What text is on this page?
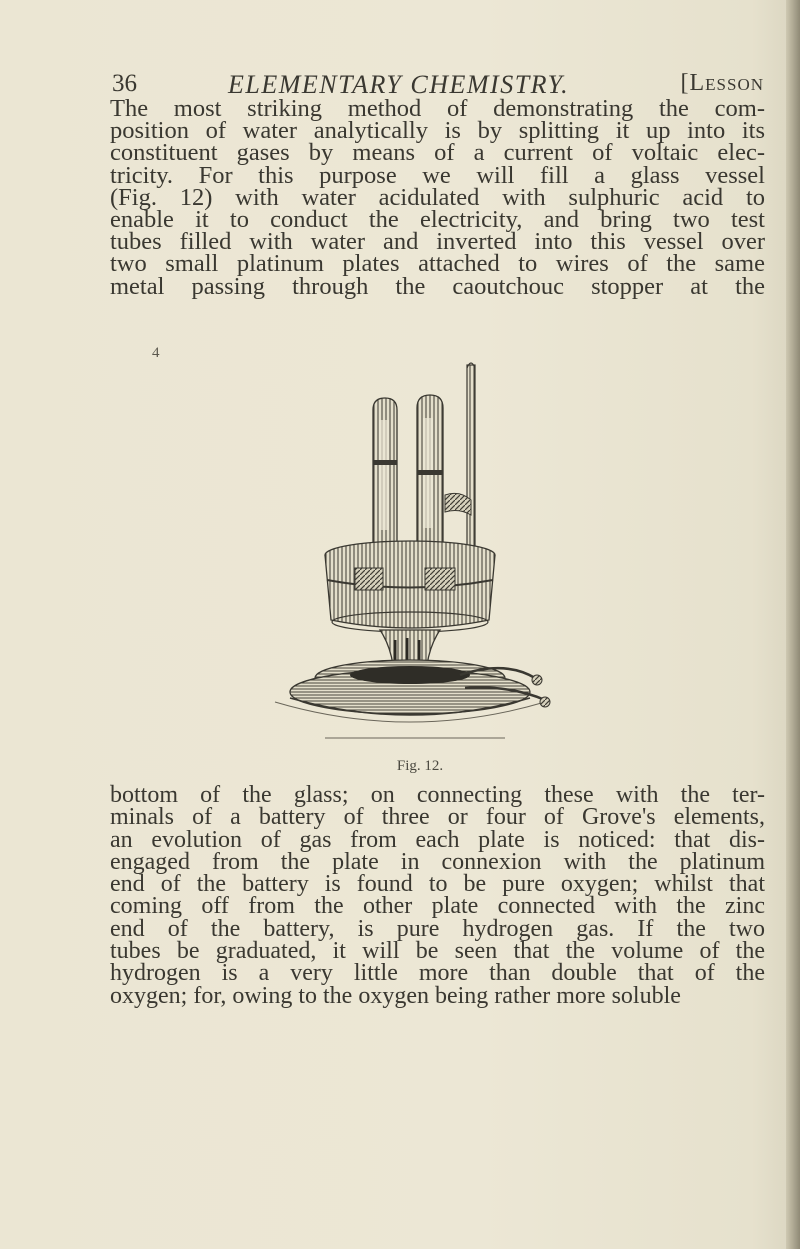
36	ELEMENTARY CHEMISTRY.	[Lesson

The most striking method of demonstrating the com-
position of water analytically is by splitting it up into its
constituent gases by means of a current of voltaic elec-
tricity. For this purpose we will fill a glass vessel
(Fig. 12) with water acidulated with sulphuric acid to
enable it to conduct the electricity, and bring two test
tubes filled with water and inverted into this vessel over
two small platinum plates attached to wires of the same
metal passing through the caoutchouc stopper at the

4
Fig. 12.

bottom of the glass; on connecting these with the ter-
minals of a battery of three or four of Grove's elements,
an evolution of gas from each plate is noticed: that dis-
engaged from the plate in connexion with the platinum
end of the battery is found to be pure oxygen; whilst that
coming off from the other plate connected with the zinc
end of the battery, is pure hydrogen gas. If the two
tubes be graduated, it will be seen that the volume of the
hydrogen is a very little more than double that of the
oxygen; for, owing to the oxygen being rather more soluble
